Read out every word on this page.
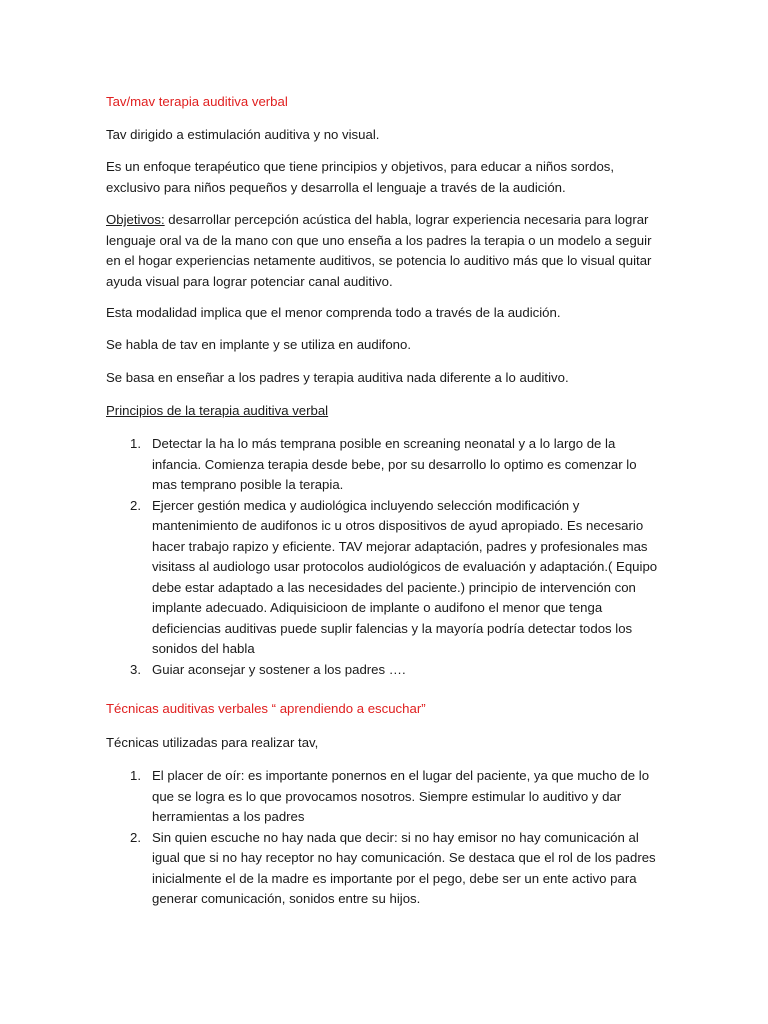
Tav/mav terapia auditiva verbal

Tav dirigido a estimulación auditiva y no visual.

Es un enfoque terapéutico que tiene principios y objetivos, para educar a niños sordos, exclusivo para niños pequeños y desarrolla el lenguaje a través de la audición.

Objetivos: desarrollar percepción acústica del habla, lograr experiencia necesaria para lograr lenguaje oral va de la mano con que uno enseña a los padres la terapia o un modelo a seguir en el hogar experiencias netamente auditivos, se potencia lo auditivo más que lo visual quitar ayuda visual para lograr potenciar canal auditivo.

Esta modalidad implica que el menor comprenda todo a través de la audición.

Se habla de tav en implante y se utiliza en audifono.

Se basa en enseñar a los padres y terapia auditiva nada diferente a lo auditivo.

Principios de la terapia auditiva verbal

1. Detectar la ha lo más temprana posible en screaning neonatal y a lo largo de la infancia. Comienza terapia desde bebe, por su desarrollo lo optimo es comenzar lo mas temprano posible la terapia.
2. Ejercer gestión medica y audiológica incluyendo selección modificación y mantenimiento de audifonos ic u otros dispositivos de ayud apropiado. Es necesario hacer trabajo rapizo y eficiente. TAV mejorar adaptación, padres y profesionales mas visitass al audiologo usar protocolos audiológicos de evaluación y adaptación.( Equipo debe estar adaptado a las necesidades del paciente.) principio de intervención con implante adecuado. Adiquisicioon de implante o audifono el menor que tenga deficiencias auditivas puede suplir falencias y la mayoría podría detectar todos los sonidos del habla
3. Guiar aconsejar y sostener a los padres ….

Técnicas auditivas verbales “ aprendiendo a escuchar”

Técnicas utilizadas para realizar tav,

1. El placer de oír: es importante ponernos en el lugar del paciente, ya que mucho de lo que se logra es lo que provocamos nosotros. Siempre estimular lo auditivo y dar herramientas a los padres
2. Sin quien escuche no hay nada que decir: si no hay emisor no hay comunicación al igual que si no hay receptor no hay comunicación. Se destaca que el rol de los padres inicialmente el de la madre es importante por el pego, debe ser un ente activo para generar comunicación, sonidos entre su hijos.
